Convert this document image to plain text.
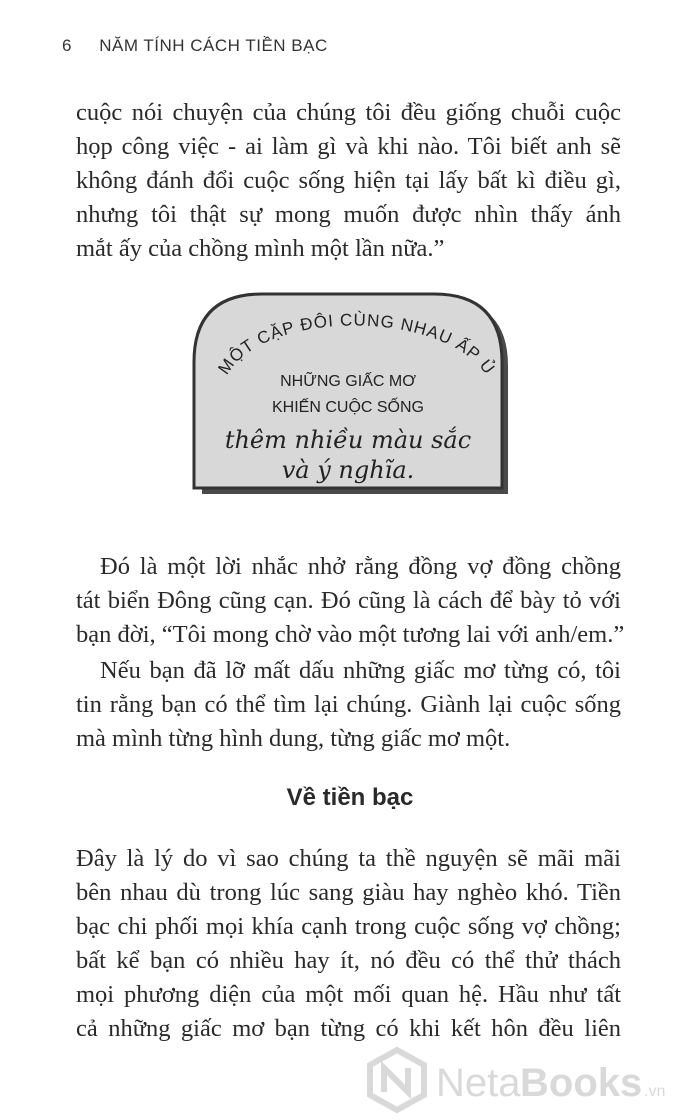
6 NĂM TÍNH CÁCH TIỀN BẠC
cuộc nói chuyện của chúng tôi đều giống chuỗi cuộc
họp công việc - ai làm gì và khi nào. Tôi biết anh sẽ
không đánh đổi cuộc sống hiện tại lấy bất kì điều gì,
nhưng tôi thật sự mong muốn được nhìn thấy ánh
mắt ấy của chồng mình một lần nữa.”
MỘT CẶP ĐÔI CÙNG NHAU ẤP Ủ
NHỮNG GIẤC MƠ
KHIẾN CUỘC SỐNG
thêm nhiều màu sắc
và ý nghĩa.
Đó là một lời nhắc nhở rằng đồng vợ đồng chồng
tát biển Đông cũng cạn. Đó cũng là cách để bày tỏ với
bạn đời, “Tôi mong chờ vào một tương lai với anh/em.”
Nếu bạn đã lỡ mất dấu những giấc mơ từng có, tôi
tin rằng bạn có thể tìm lại chúng. Giành lại cuộc sống
mà mình từng hình dung, từng giấc mơ một.
Về tiền bạc
Đây là lý do vì sao chúng ta thề nguyện sẽ mãi mãi
bên nhau dù trong lúc sang giàu hay nghèo khó. Tiền
bạc chi phối mọi khía cạnh trong cuộc sống vợ chồng;
bất kể bạn có nhiều hay ít, nó đều có thể thử thách
mọi phương diện của một mối quan hệ. Hầu như tất
cả những giấc mơ bạn từng có khi kết hôn đều liên
Neta Books .vn
